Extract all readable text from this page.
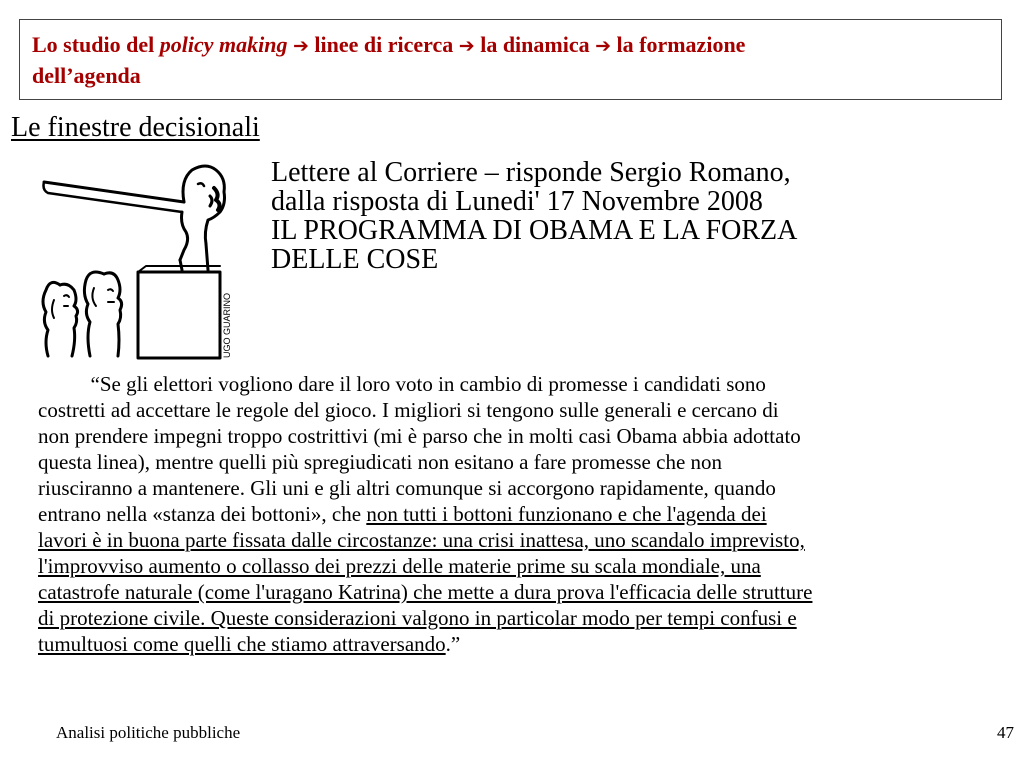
Lo studio del policy making ➔ linee di ricerca ➔ la dinamica ➔ la formazione
dell’agenda
Le finestre decisionali
UGO GUARINO
Lettere al Corriere – risponde Sergio Romano,
dalla risposta di Lunedi' 17 Novembre 2008
IL PROGRAMMA DI OBAMA E LA FORZA
DELLE COSE
“Se gli elettori vogliono dare il loro voto in cambio di promesse i candidati sono
costretti ad accettare le regole del gioco. I migliori si tengono sulle generali e cercano di
non prendere impegni troppo costrittivi (mi è parso che in molti casi Obama abbia adottato
questa linea), mentre quelli più spregiudicati non esitano a fare promesse che non
riusciranno a mantenere. Gli uni e gli altri comunque si accorgono rapidamente, quando
entrano nella «stanza dei bottoni», che non tutti i bottoni funzionano e che l'agenda dei
lavori è in buona parte fissata dalle circostanze: una crisi inattesa, uno scandalo imprevisto,
l'improvviso aumento o collasso dei prezzi delle materie prime su scala mondiale, una
catastrofe naturale (come l'uragano Katrina) che mette a dura prova l'efficacia delle strutture
di protezione civile. Queste considerazioni valgono in particolar modo per tempi confusi e
tumultuosi come quelli che stiamo attraversando.”
Analisi politiche pubbliche	47
